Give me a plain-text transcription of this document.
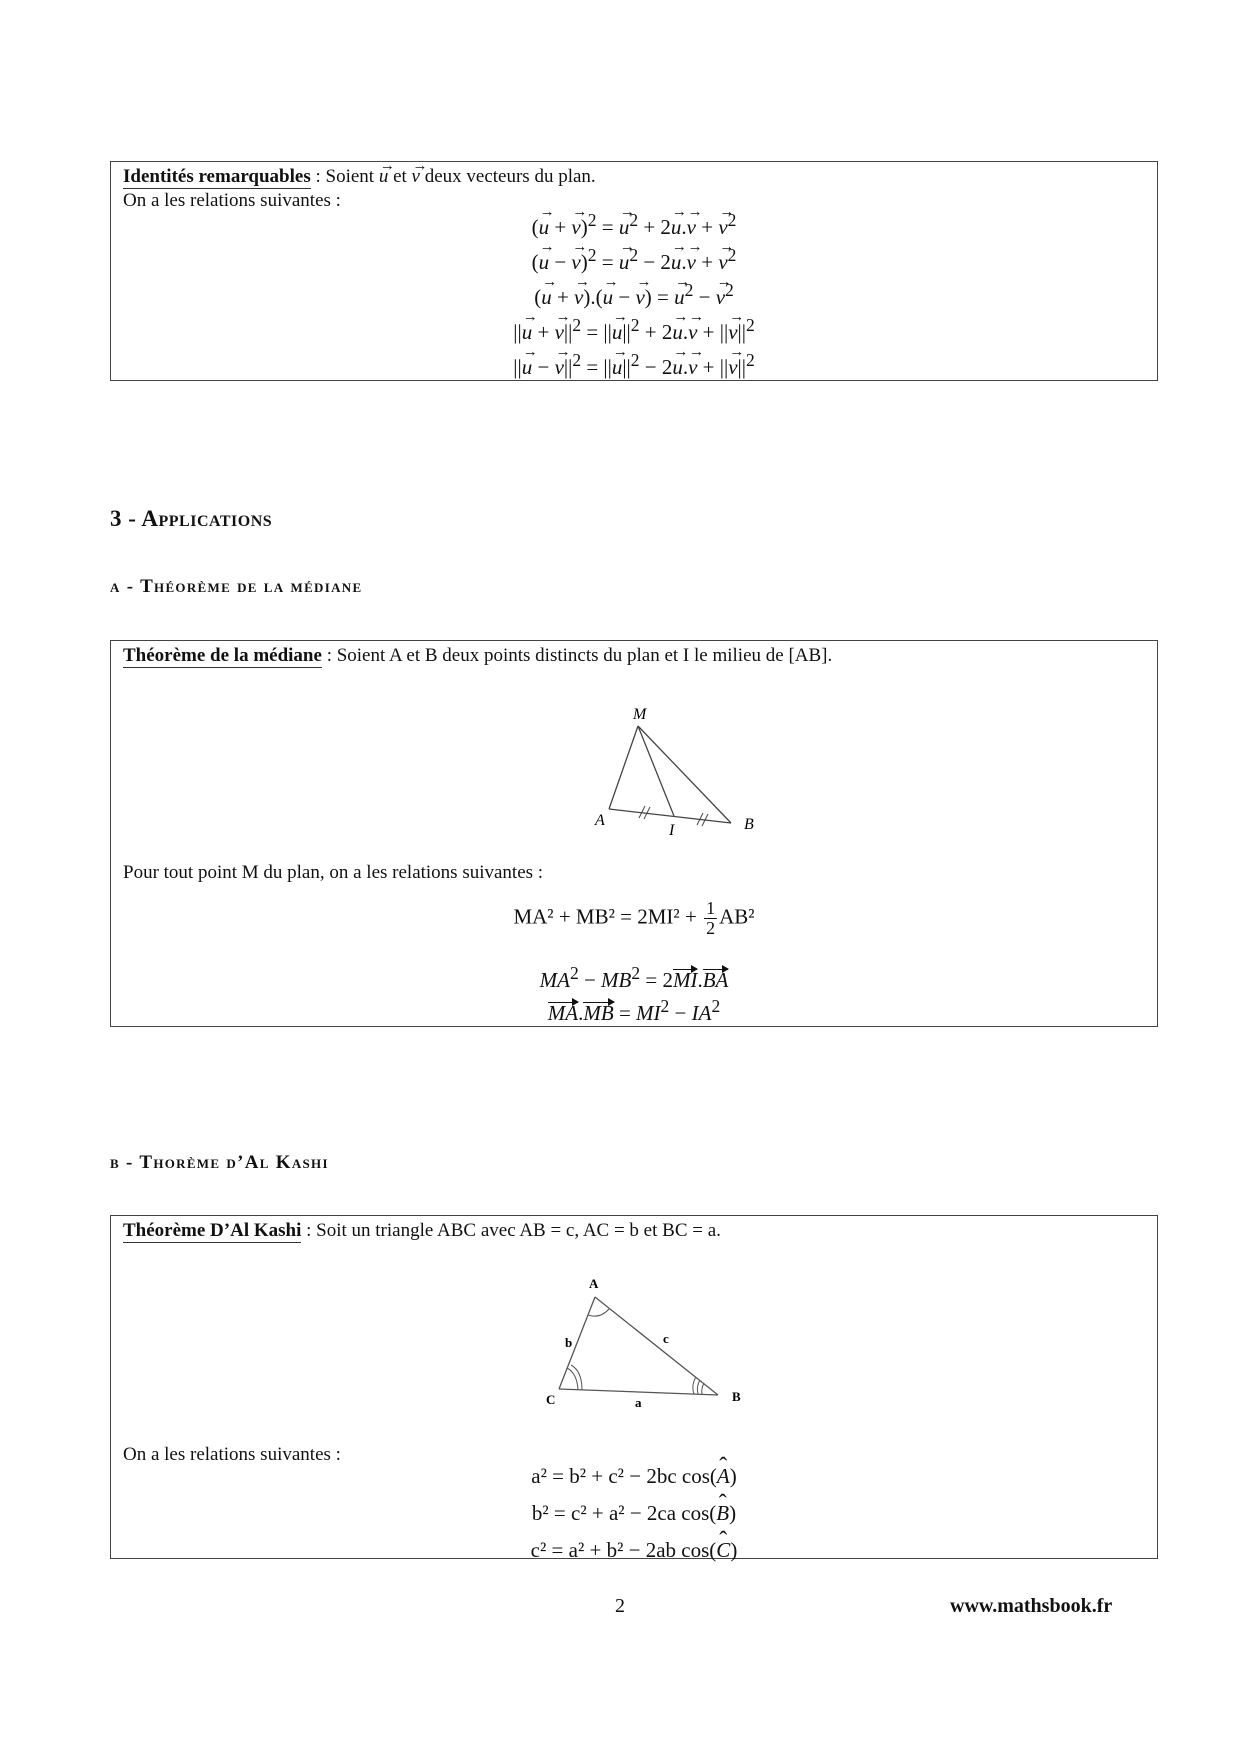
Identités remarquables : Soient → u et → v deux vecteurs du plan.
On a les relations suivantes :
(→ u + → v)$^2$ = → $u^2 + 2\to u.\to v$ + → $v^2$
(→ u − → v)$^2$ = → $u^2 - 2\to u.\to v$ + → $v^2$
(→ u + → v).(→ u − → v) = → $u^2$ − → $v^2$
||→ u + → $v||^2$ = ||→ $u||^2 + 2\to u.\to v$ + ||→ $v||^2$
||→ u − → $v||^2$ = ||→ $u||^2 - 2\to u.\to v$ + ||→ $v||^2$
3 - Applications
a - Théorème de la médiane
Théorème de la médiane : Soient A et B deux points distincts du plan et I le milieu de [AB].
M
A
I	B
Pour tout point M du plan, on a les relations suivantes :
$MA^2 + MB^2 = 2MI^2 + \frac{1}{2} AB^2$
$MA^2 - MB^2 = 2MI.BA$
$MA.MB = MI^2 - IA^2$
b - Thorème d’Al Kashi
Théorème D’Al Kashi : Soit un triangle ABC avec AB = c, AC = b et BC = a.
A
B
C	a
b	c
On a les relations suivantes :
a² = b² + c² − 2bc cos(̂ A)
b² = c² + a² − 2ca cos(̂ B)
c² = a² + b² − 2ab cos(̂ C)
2	www.mathsbook.fr
